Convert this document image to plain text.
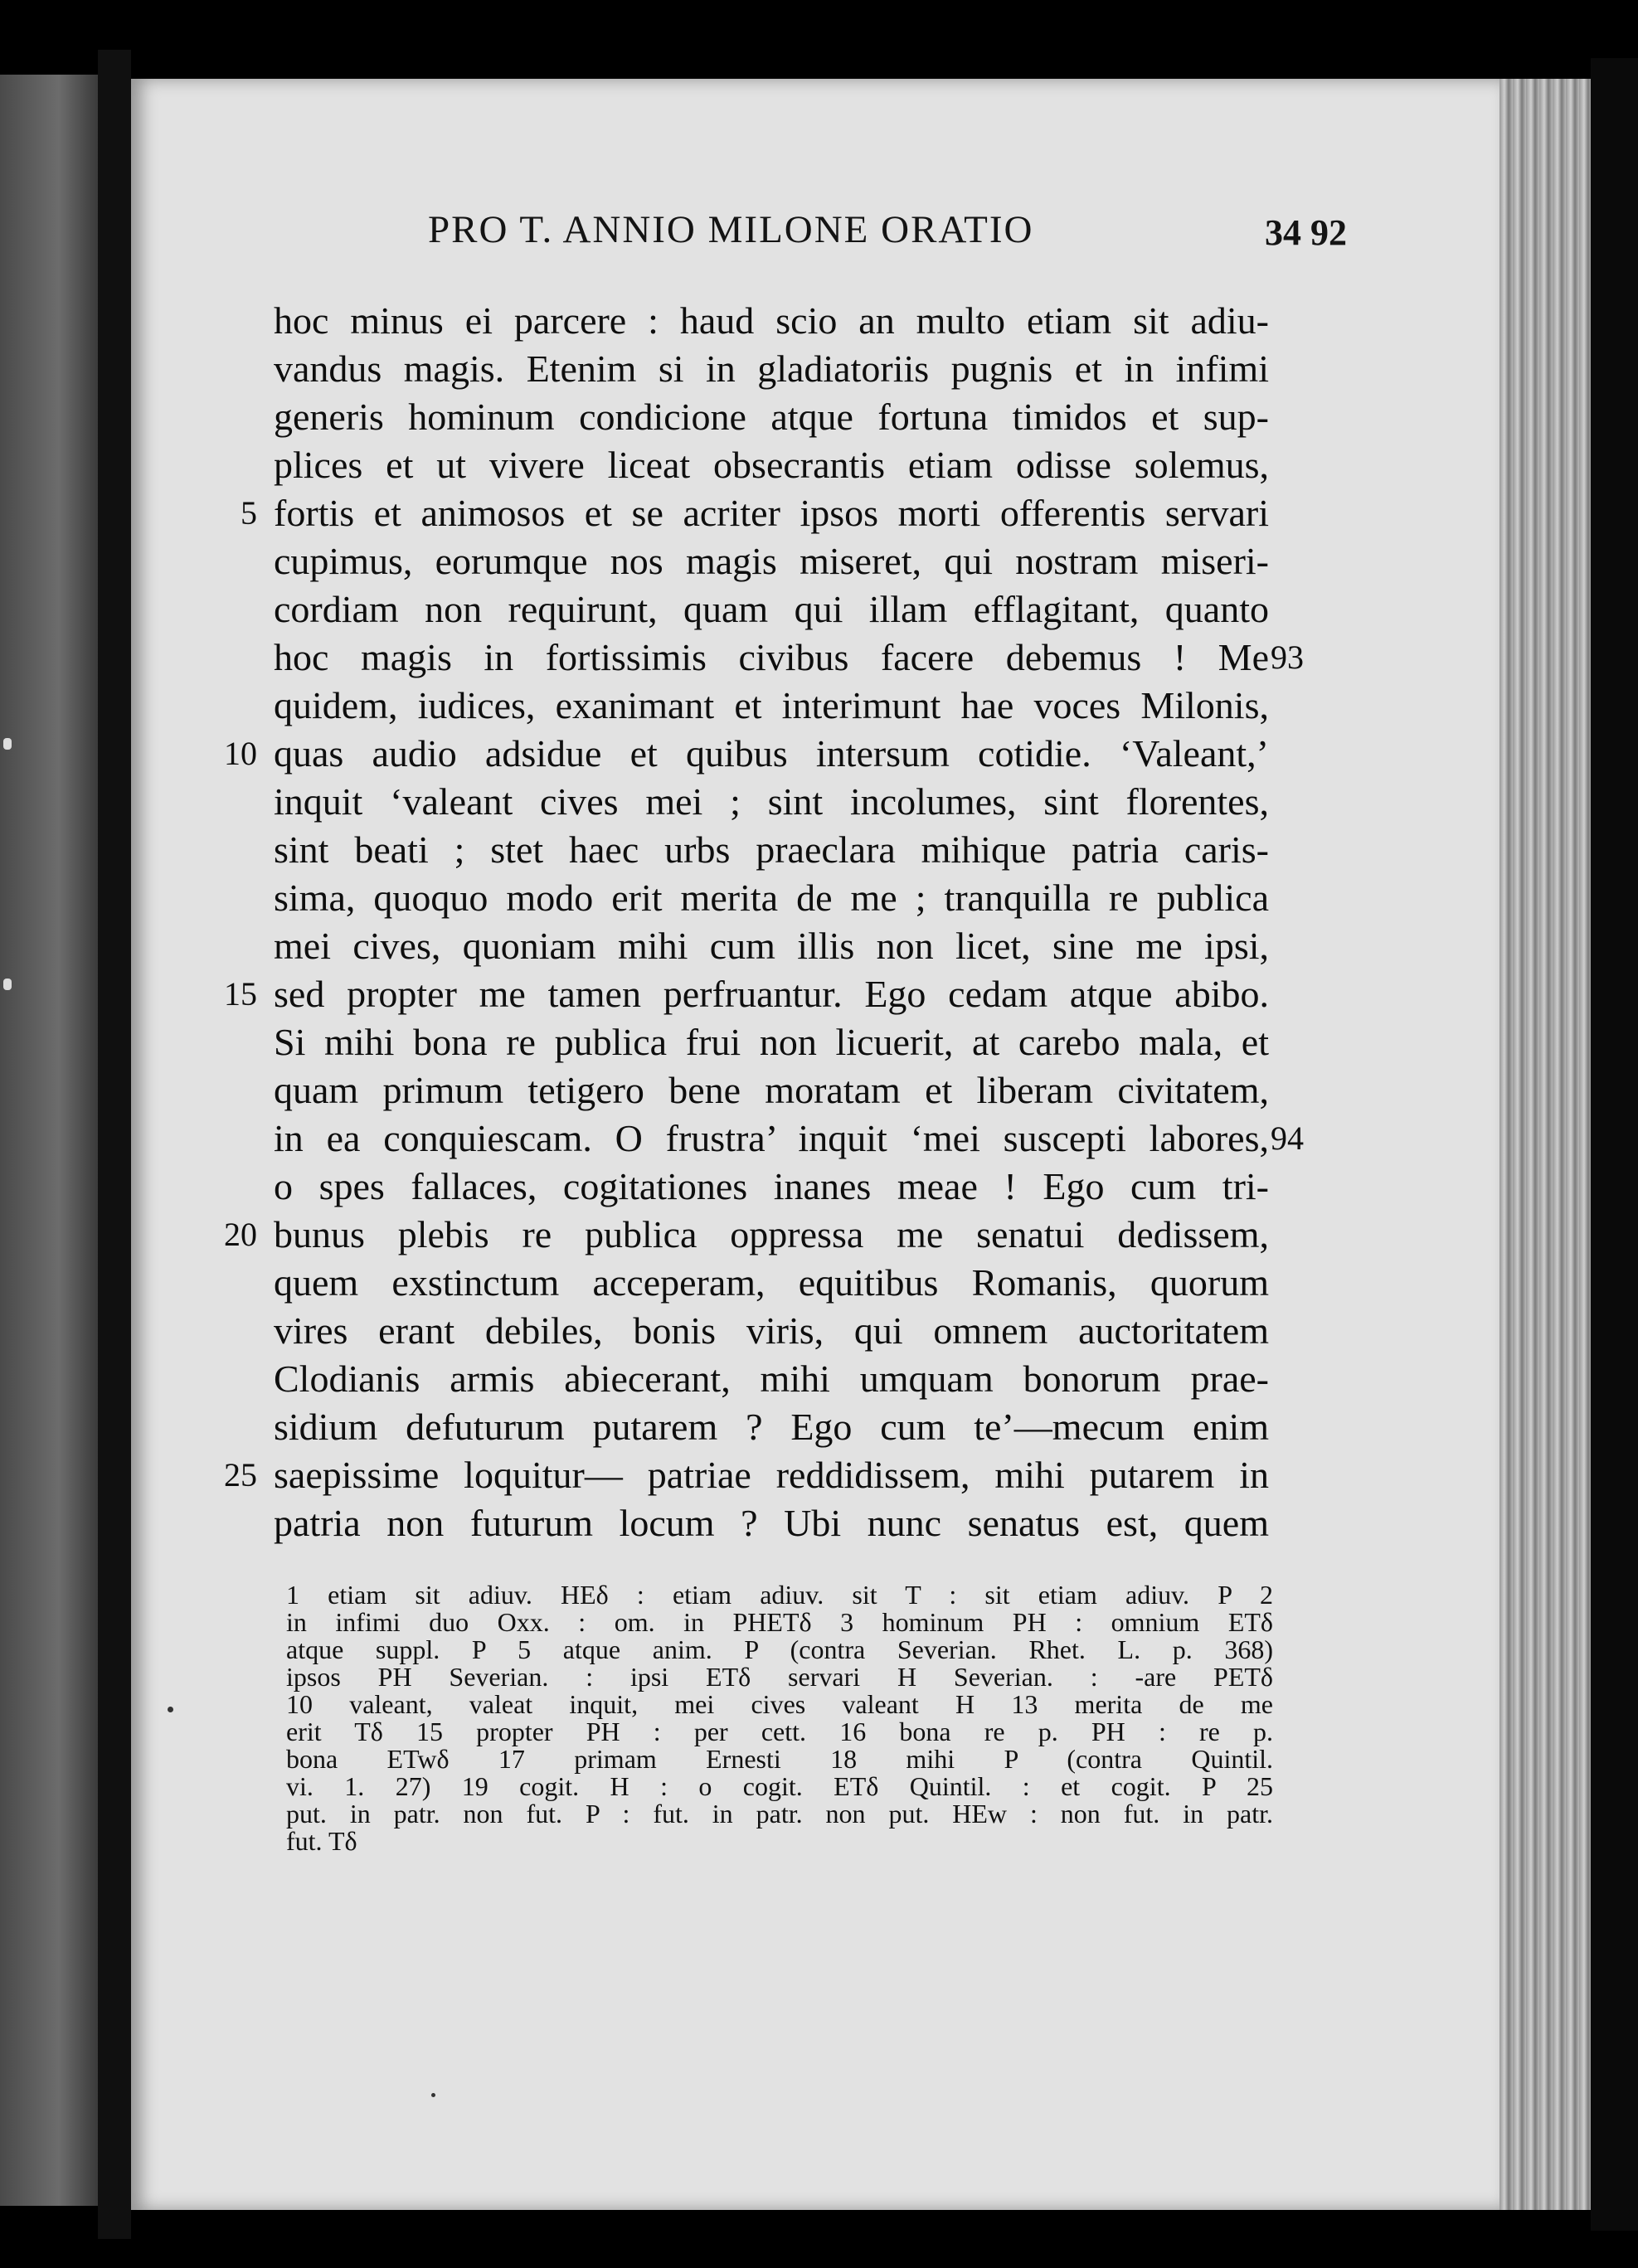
PRO T. ANNIO MILONE ORATIO	34 92
hoc minus ei parcere : haud scio an multo etiam sit adiu-
vandus magis. Etenim si in gladiatoriis pugnis et in infimi
generis hominum condicione atque fortuna timidos et sup-
plices et ut vivere liceat obsecrantis etiam odisse solemus,
5 fortis et animosos et se acriter ipsos morti offerentis servari
cupimus, eorumque nos magis miseret, qui nostram miseri-
cordiam non requirunt, quam qui illam efflagitant, quanto
hoc magis in fortissimis civibus facere debemus ! Me 93
quidem, iudices, exanimant et interimunt hae voces Milonis,
10 quas audio adsidue et quibus intersum cotidie. ‘Valeant,’
inquit ‘valeant cives mei ; sint incolumes, sint florentes,
sint beati ; stet haec urbs praeclara mihique patria caris-
sima, quoquo modo erit merita de me ; tranquilla re publica
mei cives, quoniam mihi cum illis non licet, sine me ipsi,
15 sed propter me tamen perfruantur. Ego cedam atque abibo.
Si mihi bona re publica frui non licuerit, at carebo mala, et
quam primum tetigero bene moratam et liberam civitatem,
in ea conquiescam. O frustra’ inquit ‘mei suscepti labores, 94
o spes fallaces, cogitationes inanes meae ! Ego cum tri-
20 bunus plebis re publica oppressa me senatui dedissem,
quem exstinctum acceperam, equitibus Romanis, quorum
vires erant debiles, bonis viris, qui omnem auctoritatem
Clodianis armis abiecerant, mihi umquam bonorum prae-
sidium defuturum putarem ? Ego cum te’—mecum enim
25 saepissime loquitur— patriae reddidissem, mihi putarem in
patria non futurum locum ? Ubi nunc senatus est, quem
1 etiam sit adiuv. HEδ : etiam adiuv. sit T : sit etiam adiuv. P 2
in infimi duo Oxx. : om. in PHETδ 3 hominum PH : omnium ETδ
atque suppl. P 5 atque anim. P (contra Severian. Rhet. L. p. 368)
ipsos PH Severian. : ipsi ETδ servari H Severian. : -are PETδ
10 valeant, valeat inquit, mei cives valeant H 13 merita de me
erit Tδ 15 propter PH : per cett. 16 bona re p. PH : re p.
bona ETwδ 17 primam Ernesti 18 mihi P (contra Quintil.
vi. 1. 27) 19 cogit. H : o cogit. ETδ Quintil. : et cogit. P 25
put. in patr. non fut. P : fut. in patr. non put. HEw : non fut. in patr.
fut. Tδ
